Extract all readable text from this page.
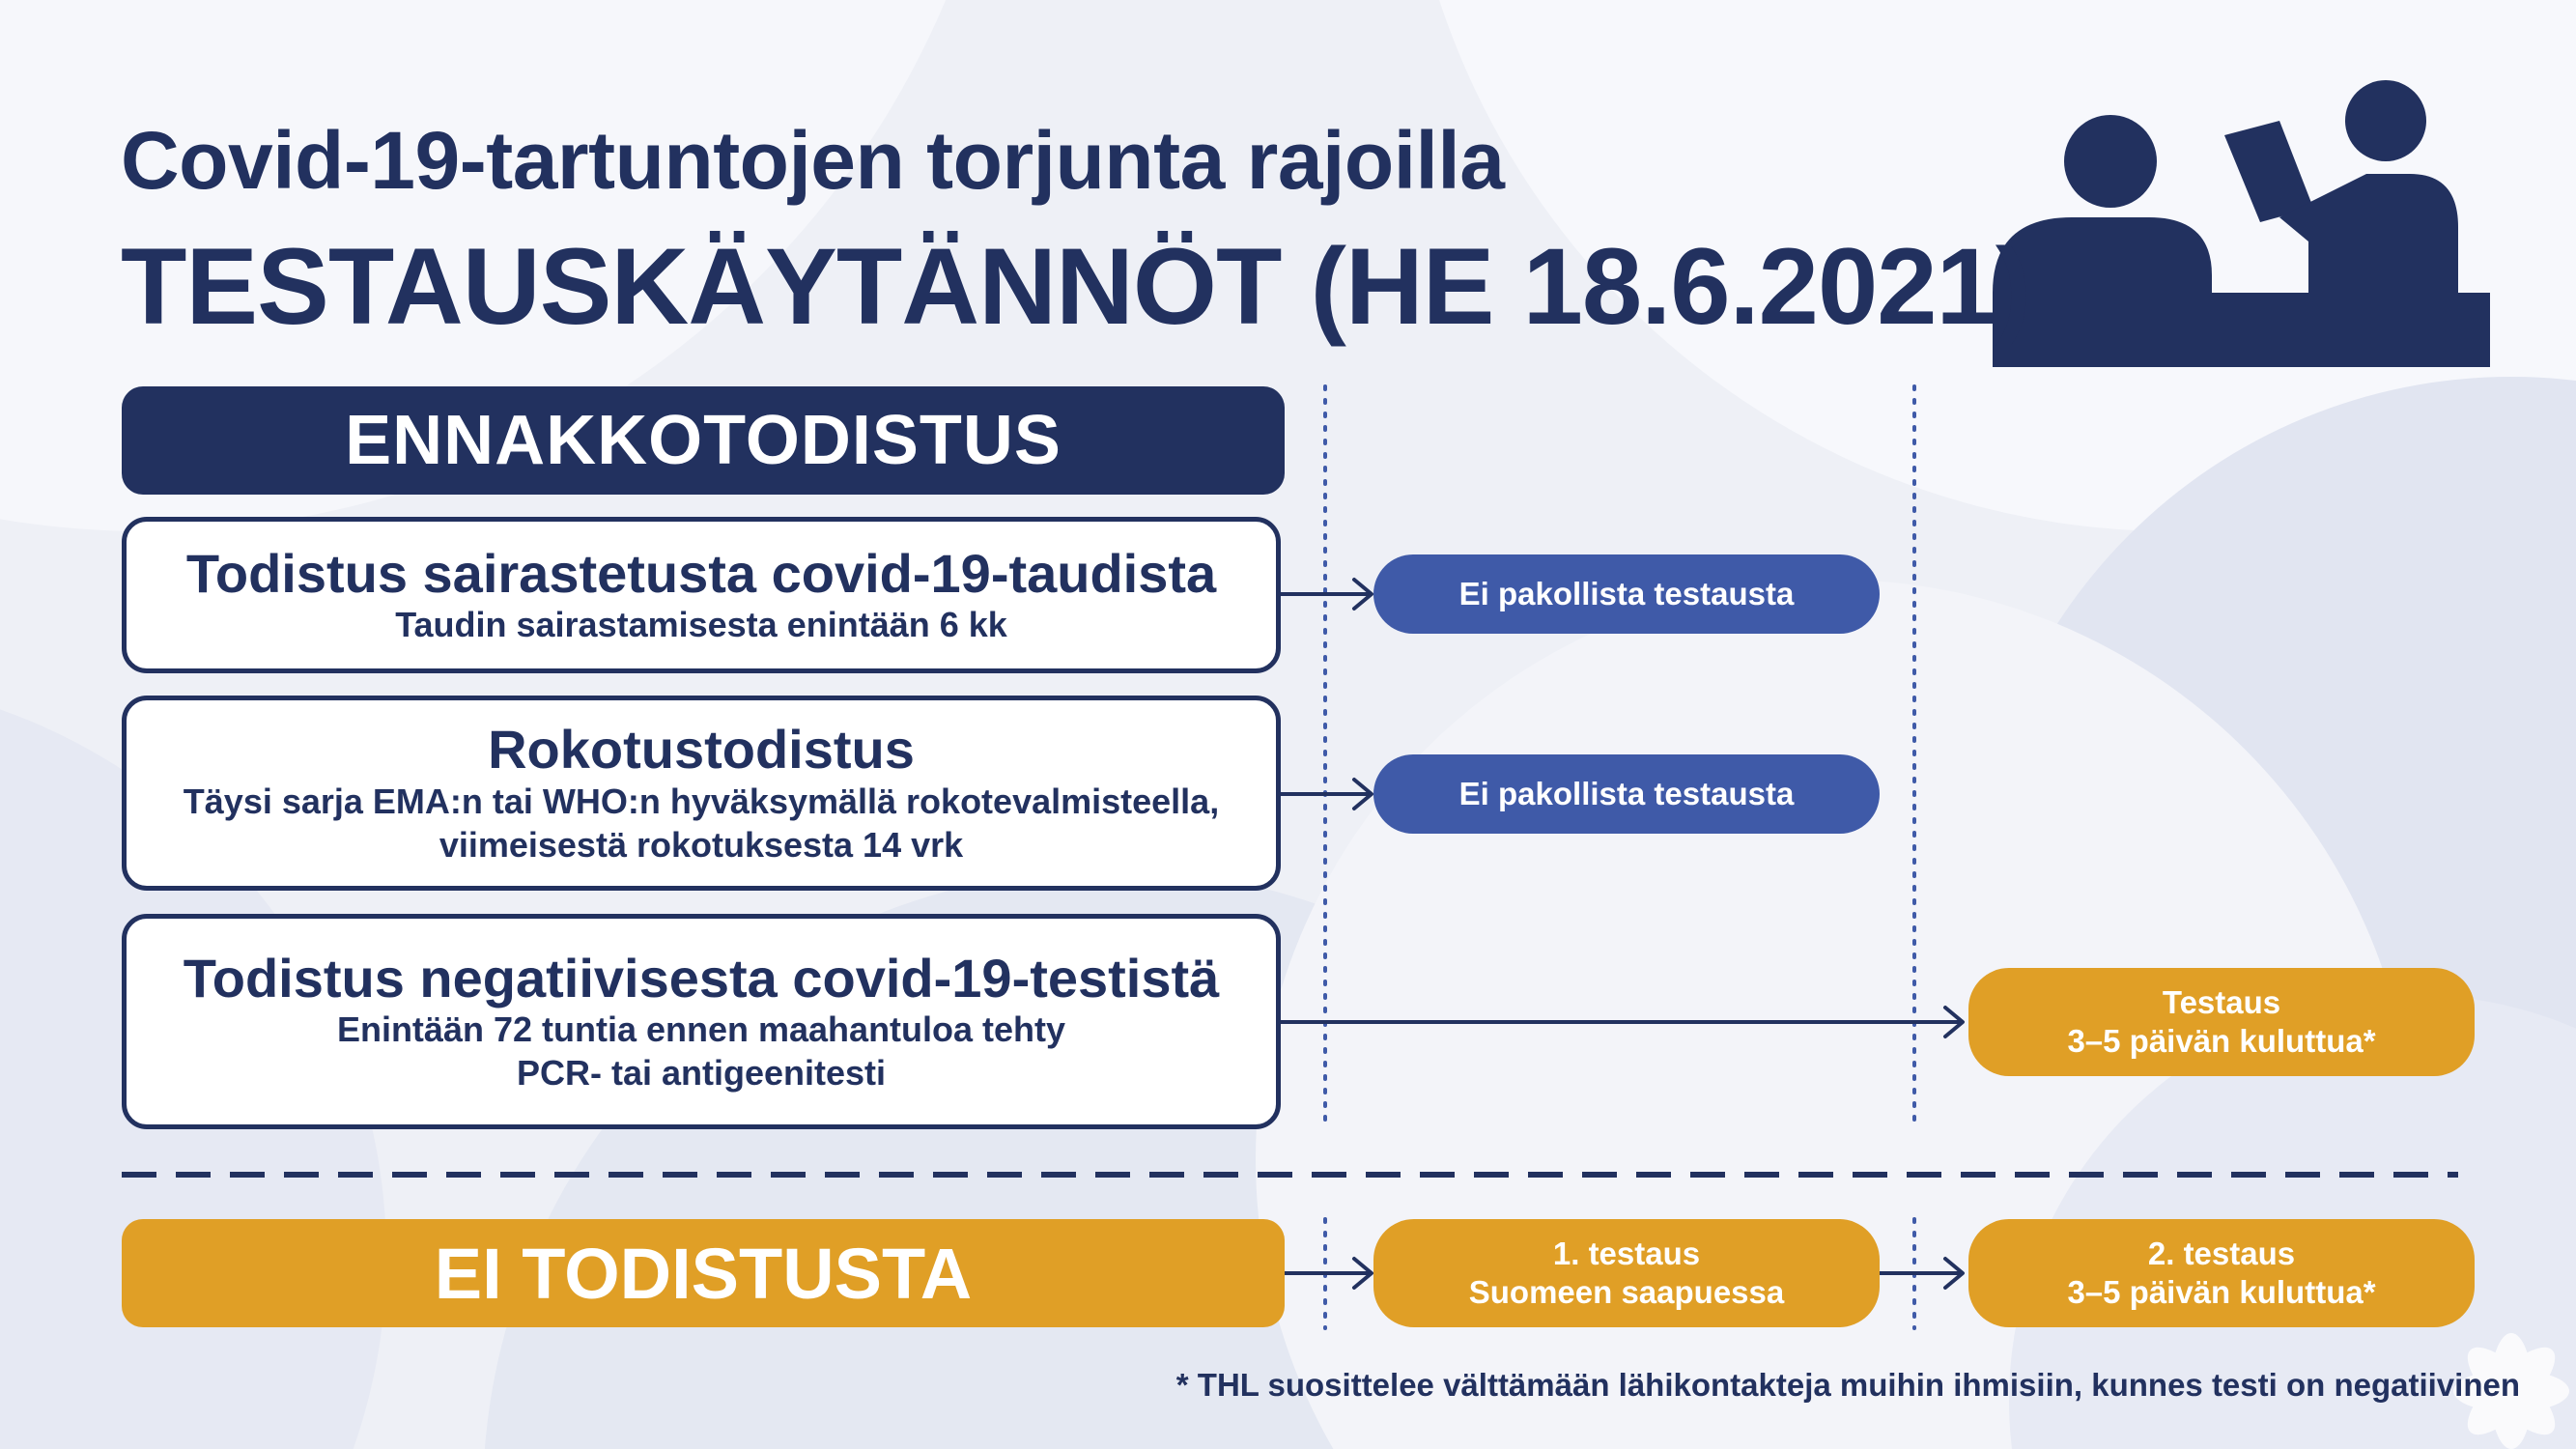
Covid-19-tartuntojen torjunta rajoilla
TESTAUSKÄYTÄNNÖT (HE 18.6.2021)
ENNAKKOTODISTUS
Todistus sairastetusta covid-19-taudista
Taudin sairastamisesta enintään 6 kk
Rokotustodistus
Täysi sarja EMA:n tai WHO:n hyväksymällä rokotevalmisteella,
viimeisestä rokotuksesta 14 vrk
Todistus negatiivisesta covid-19-testistä
Enintään 72 tuntia ennen maahantuloa tehty
PCR- tai antigeenitesti
Ei pakollista testausta
Ei pakollista testausta
Testaus
3–5 päivän kuluttua*
EI TODISTUSTA	1. testaus
Suomeen saapuessa
2. testaus
3–5 päivän kuluttua*
* THL suosittelee välttämään lähikontakteja muihin ihmisiin, kunnes testi on negatiivinen
